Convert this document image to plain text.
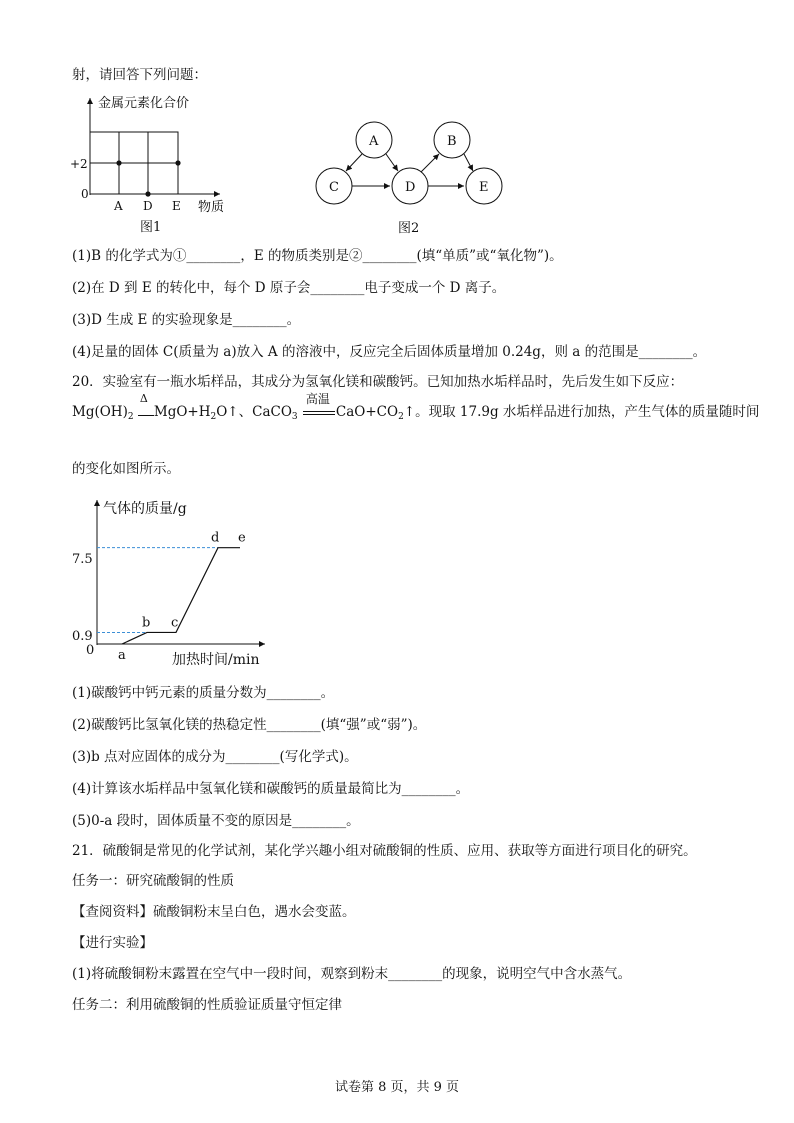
射，请回答下列问题：
金属元素化合价
+2
0
A D E 物质
图1
A	B
C	D	E
图2
(1)B 的化学式为①________，E 的物质类别是②________(填“单质”或“氧化物”)。
(2)在 D 到 E 的转化中，每个 D 原子会________电子变成一个 D 离子。
(3)D 生成 E 的实验现象是________。
(4)足量的固体 C(质量为 a)放入 A 的溶液中，反应完全后固体质量增加 0.24g，则 a 的范围是________。
20．实验室有一瓶水垢样品，其成分为氢氧化镁和碳酸钙。已知加热水垢样品时，先后发生如下反应：
$Mg(OH)_2$
Δ
$MgO+H_2O↑$、CaCO$_3$
高温
$CaO+CO_2↑$。现取 17.9g 水垢样品进行加热，产生气体的质量随时间
的变化如图所示。
气体的质量/g
加热时间/min
7.5
0.9
0 a
b c
d e
(1)碳酸钙中钙元素的质量分数为________。
(2)碳酸钙比氢氧化镁的热稳定性________(填“强”或“弱”)。
(3)b 点对应固体的成分为________(写化学式)。
(4)计算该水垢样品中氢氧化镁和碳酸钙的质量最简比为________。
(5)0-a 段时，固体质量不变的原因是________。
21．硫酸铜是常见的化学试剂，某化学兴趣小组对硫酸铜的性质、应用、获取等方面进行项目化的研究。
任务一：研究硫酸铜的性质
【查阅资料】硫酸铜粉末呈白色，遇水会变蓝。
【进行实验】
(1)将硫酸铜粉末露置在空气中一段时间，观察到粉末________的现象，说明空气中含水蒸气。
任务二：利用硫酸铜的性质验证质量守恒定律
试卷第 8 页，共 9 页
